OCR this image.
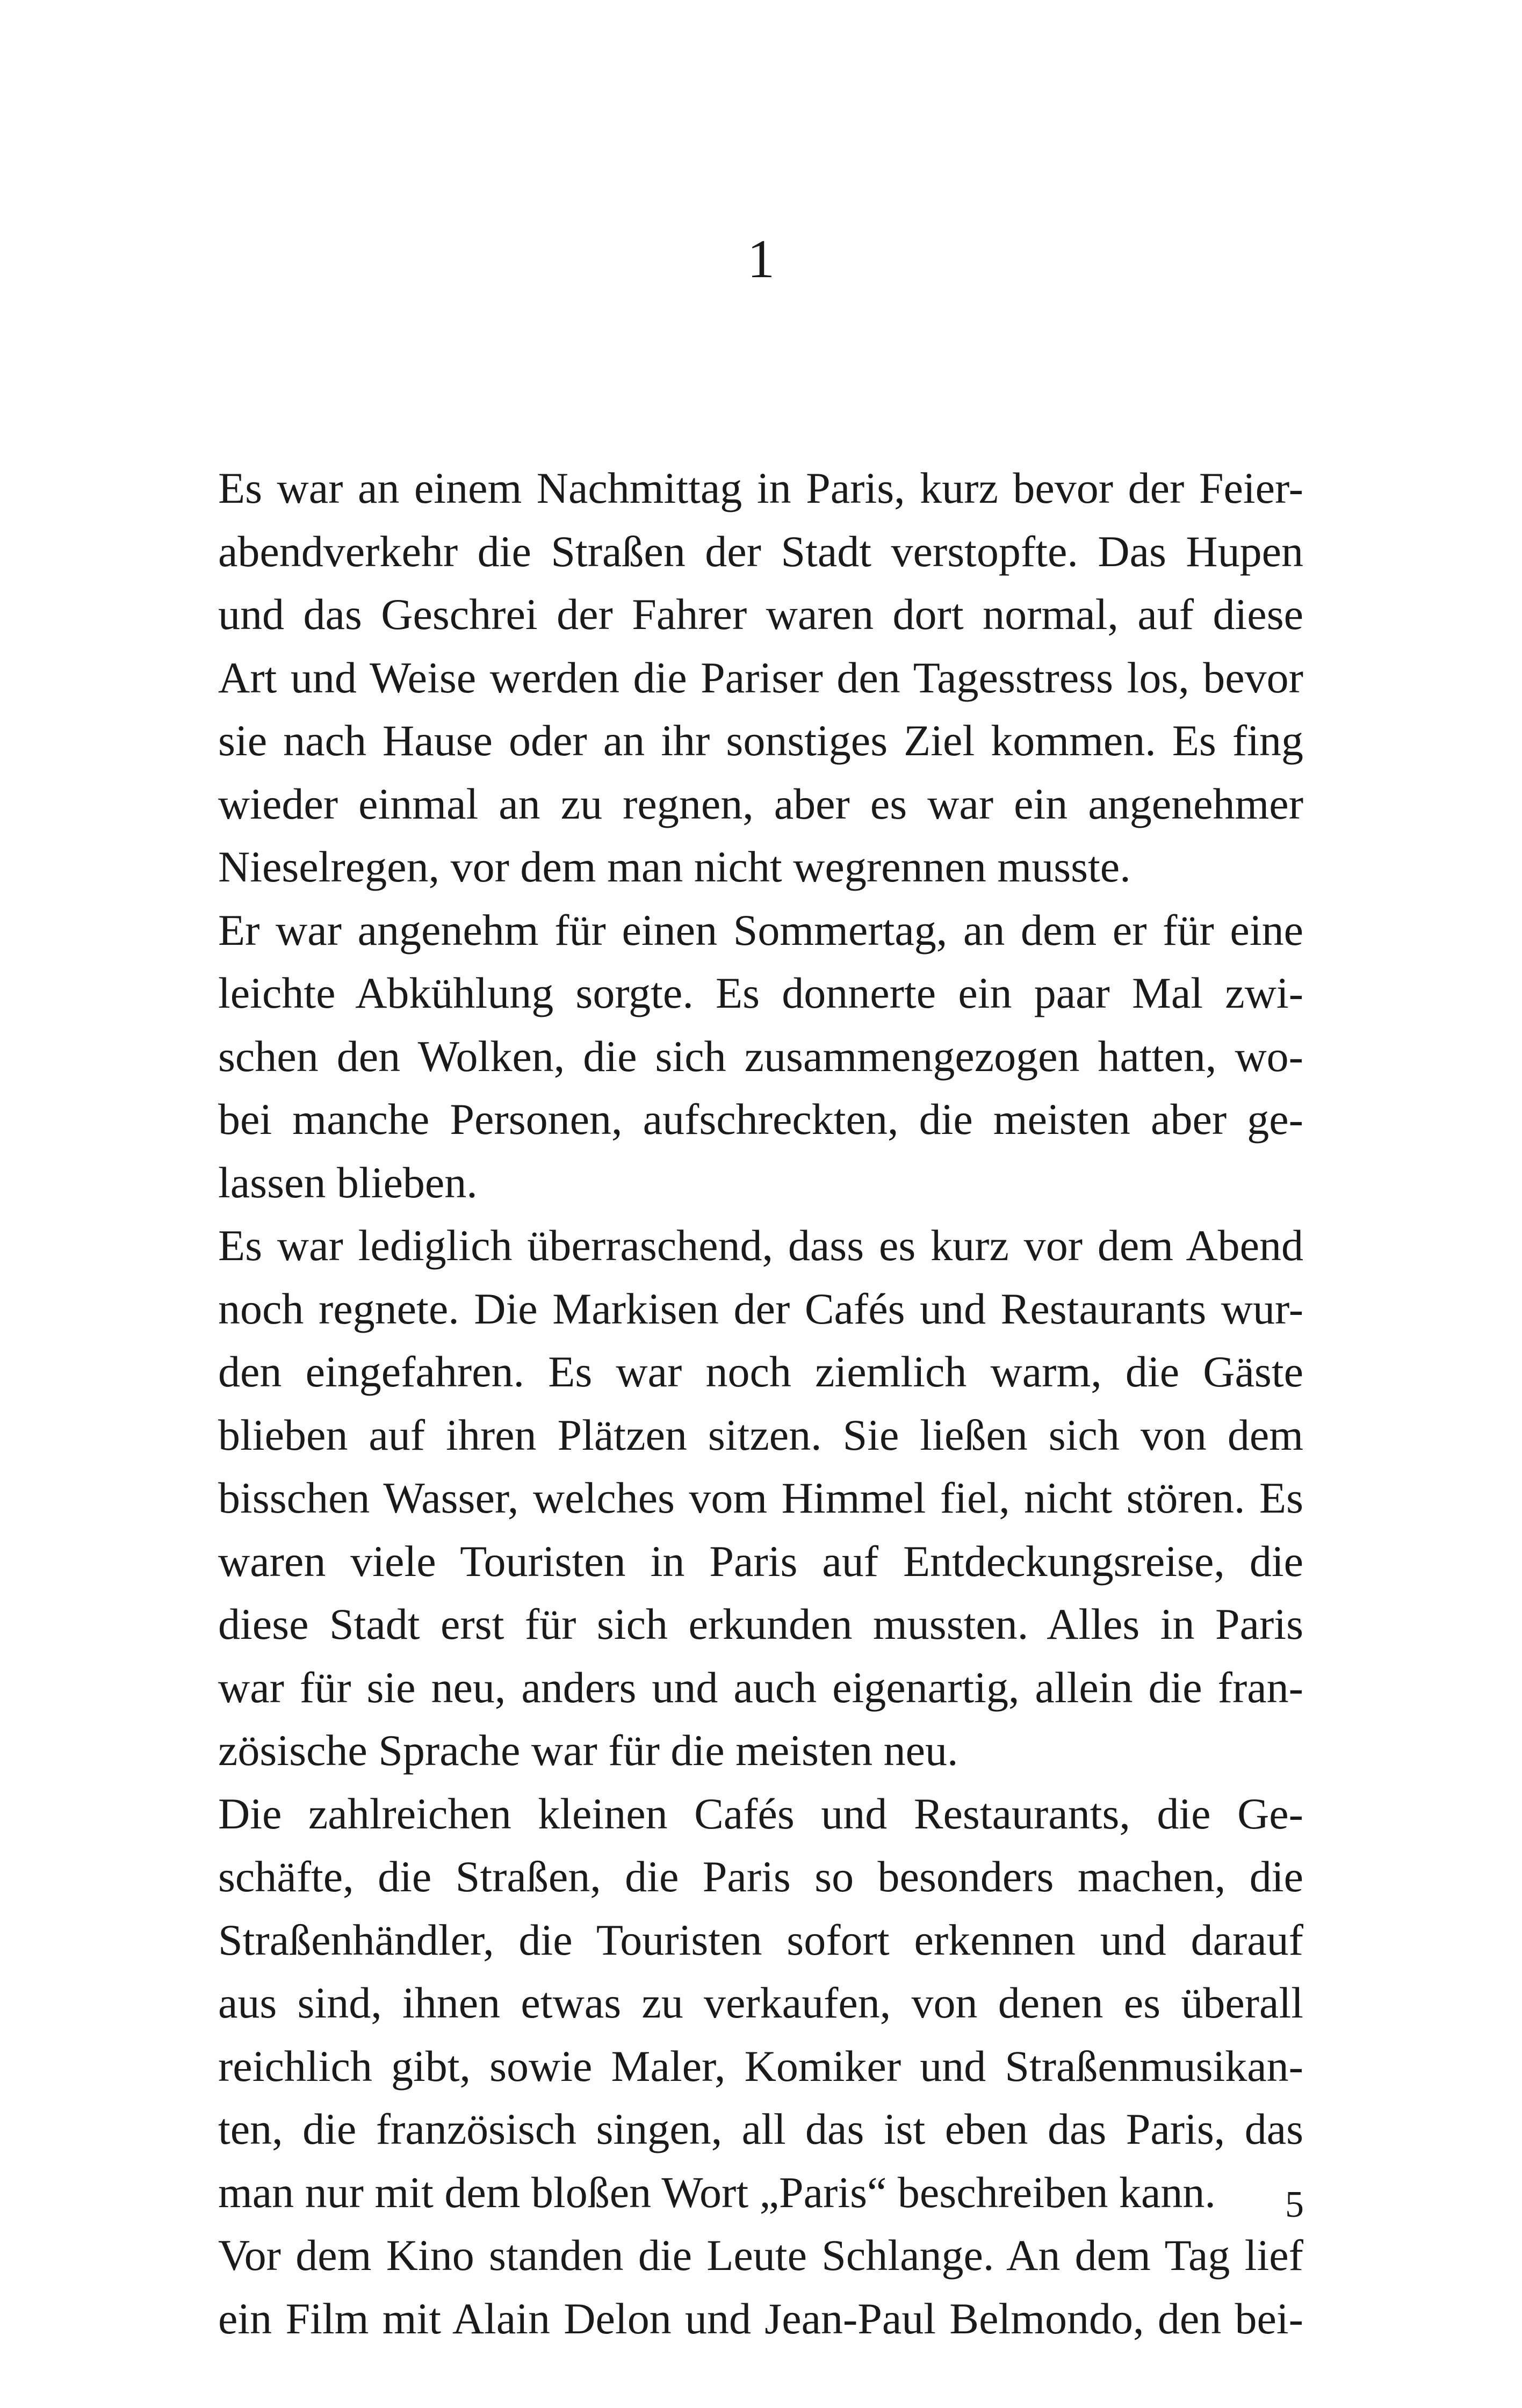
1
Es war an einem Nachmittag in Paris, kurz bevor der Feier-
abendverkehr die Straßen der Stadt verstopfte. Das Hupen
und das Geschrei der Fahrer waren dort normal, auf diese
Art und Weise werden die Pariser den Tagesstress los, bevor
sie nach Hause oder an ihr sonstiges Ziel kommen. Es fing
wieder einmal an zu regnen, aber es war ein angenehmer
Nieselregen, vor dem man nicht wegrennen musste.
Er war angenehm für einen Sommertag, an dem er für eine
leichte Abkühlung sorgte. Es donnerte ein paar Mal zwi-
schen den Wolken, die sich zusammengezogen hatten, wo-
bei manche Personen, aufschreckten, die meisten aber ge-
lassen blieben.
Es war lediglich überraschend, dass es kurz vor dem Abend
noch regnete. Die Markisen der Cafés und Restaurants wur-
den eingefahren. Es war noch ziemlich warm, die Gäste
blieben auf ihren Plätzen sitzen. Sie ließen sich von dem
bisschen Wasser, welches vom Himmel fiel, nicht stören. Es
waren viele Touristen in Paris auf Entdeckungsreise, die
diese Stadt erst für sich erkunden mussten. Alles in Paris
war für sie neu, anders und auch eigenartig, allein die fran-
zösische Sprache war für die meisten neu.
Die zahlreichen kleinen Cafés und Restaurants, die Ge-
schäfte, die Straßen, die Paris so besonders machen, die
Straßenhändler, die Touristen sofort erkennen und darauf
aus sind, ihnen etwas zu verkaufen, von denen es überall
reichlich gibt, sowie Maler, Komiker und Straßenmusikan-
ten, die französisch singen, all das ist eben das Paris, das
man nur mit dem bloßen Wort „Paris“ beschreiben kann.
Vor dem Kino standen die Leute Schlange. An dem Tag lief
ein Film mit Alain Delon und Jean-Paul Belmondo, den bei-
5
